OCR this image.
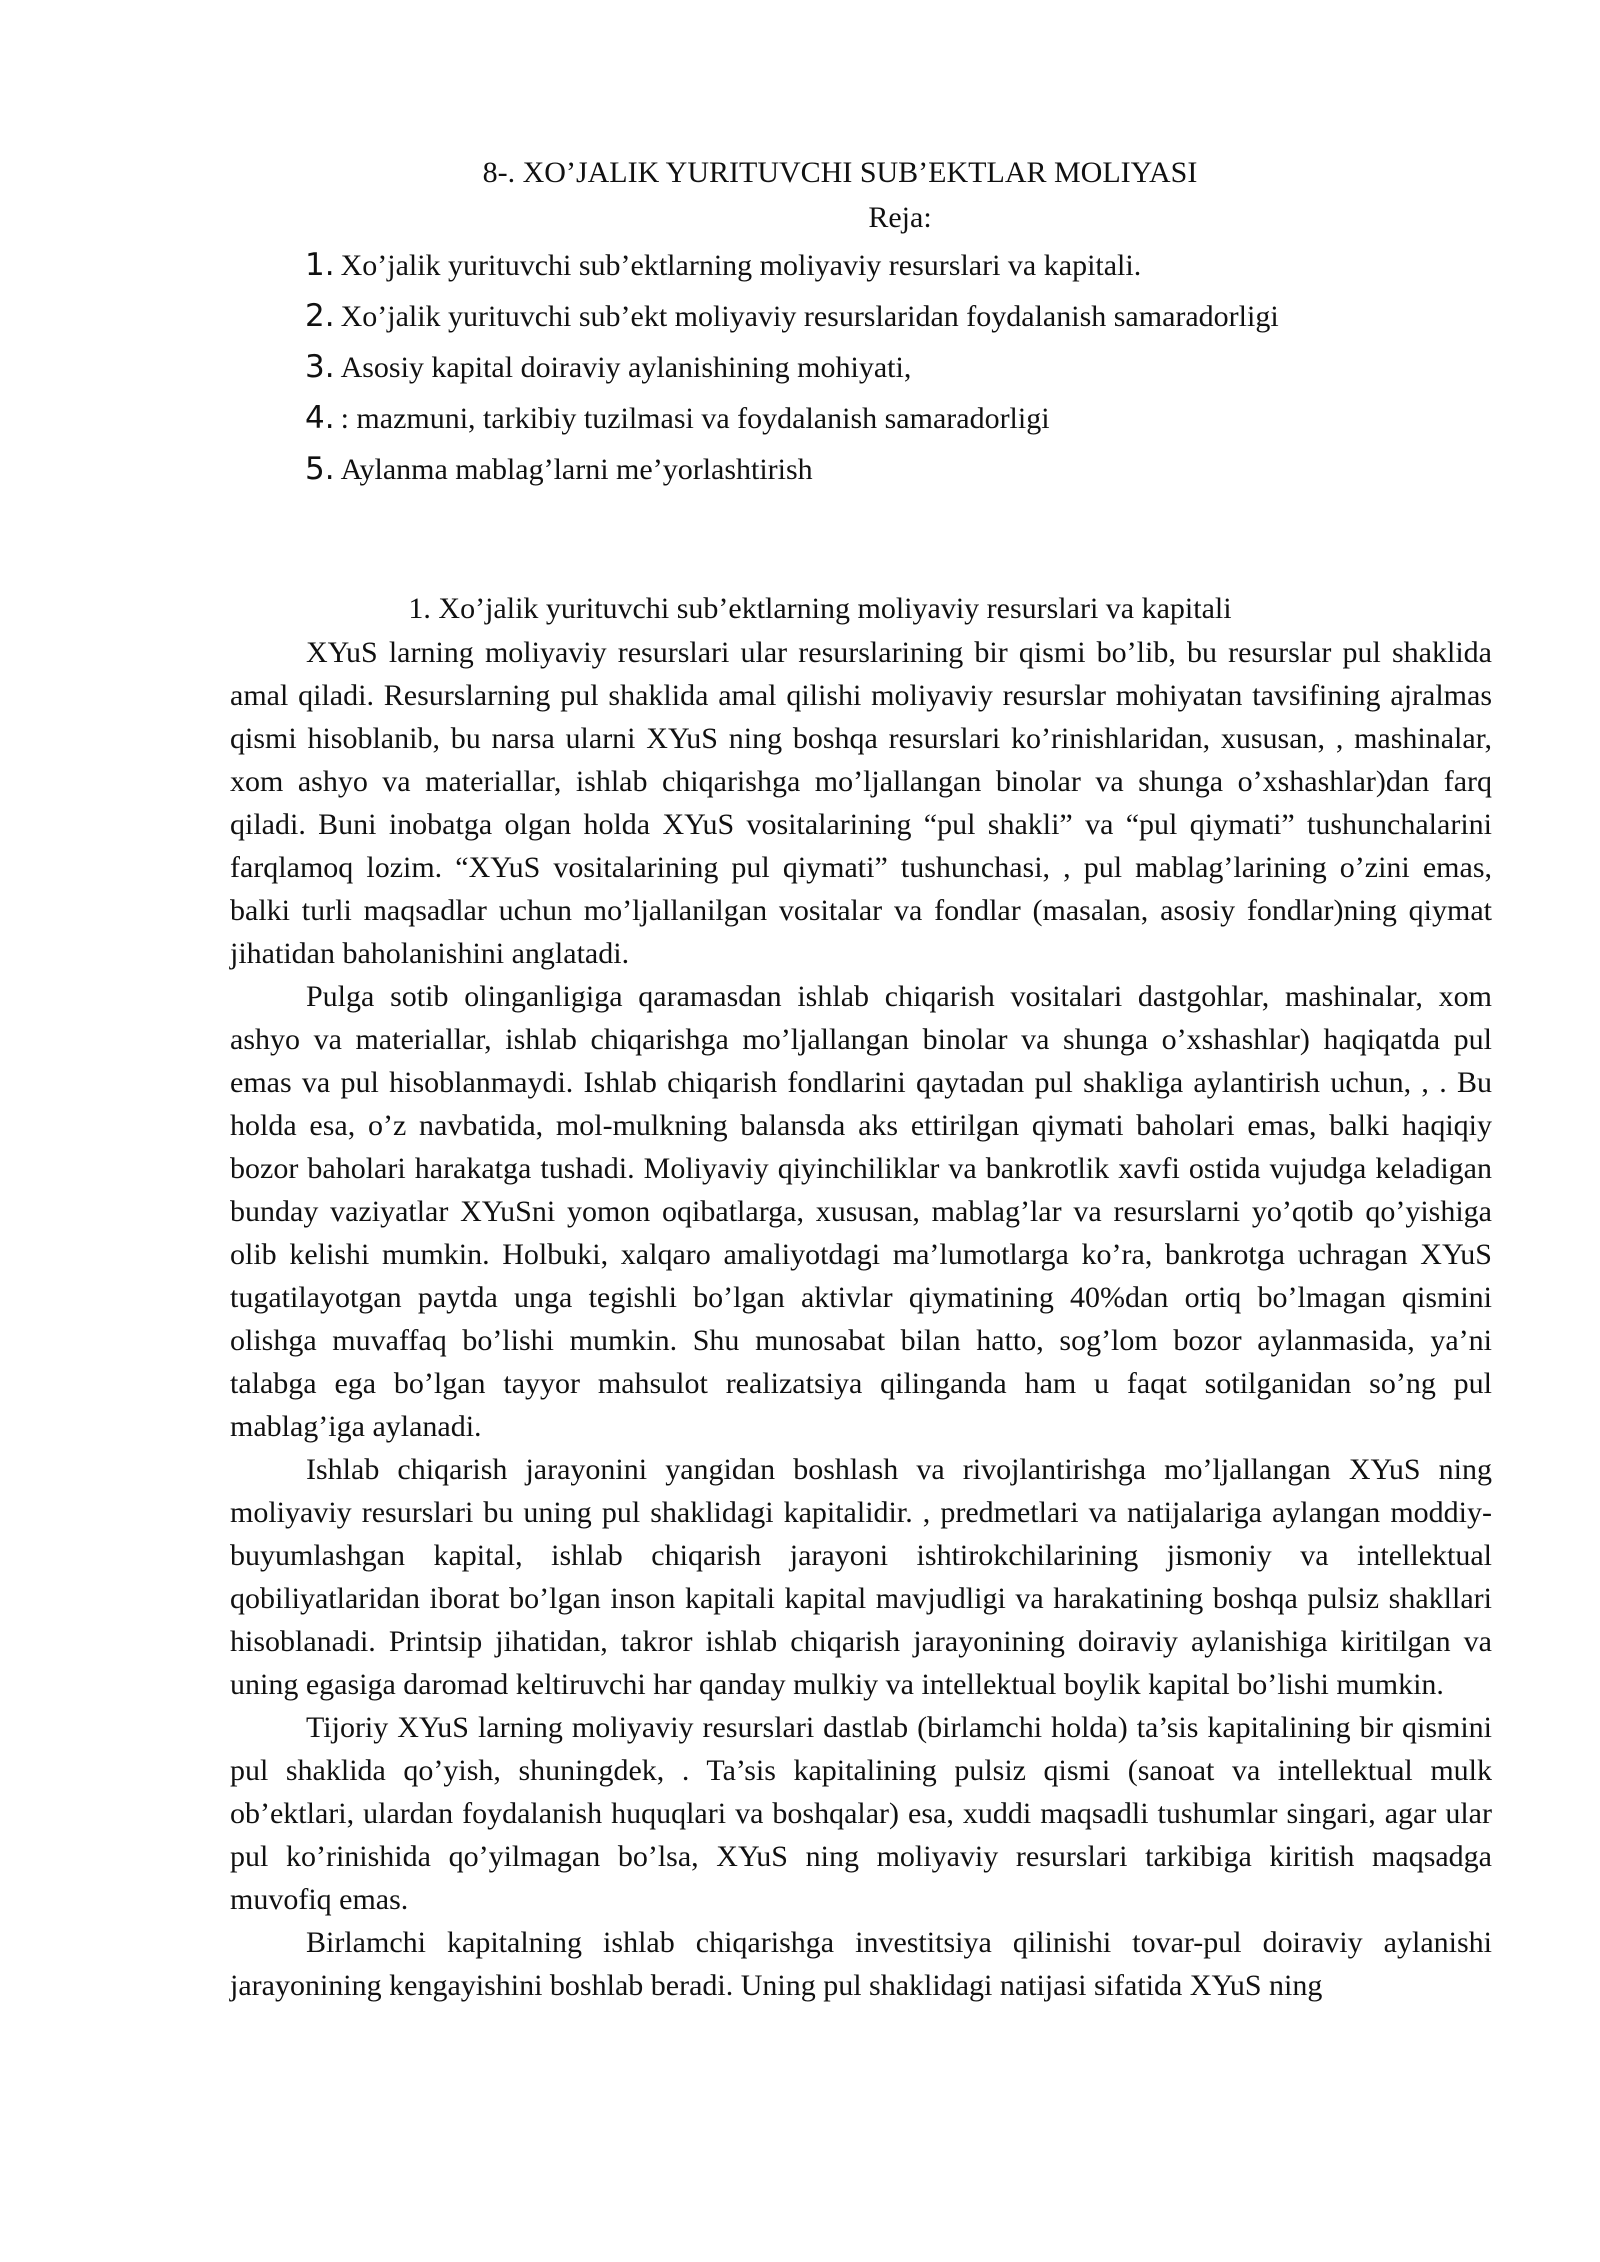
8-. XO’JALIK YURITUVCHI SUB’EKTLAR MOLIYASI
Reja:
1. Xo’jalik yurituvchi sub’ektlarning moliyaviy resurslari va kapitali.
2. Xo’jalik yurituvchi sub’ekt moliyaviy resurslaridan foydalanish samaradorligi
3. Asosiy kapital doiraviy aylanishining mohiyati,
4. : mazmuni, tarkibiy tuzilmasi va foydalanish samaradorligi
5. Aylanma mablag’larni me’yorlashtirish
1. Xo’jalik yurituvchi sub’ektlarning moliyaviy resurslari va kapitali

XYuS larning moliyaviy resurslari ular resurslarining bir qismi bo’lib, bu resurslar pul shaklida amal qiladi. Resurslarning pul shaklida amal qilishi moliyaviy resurslar mohiyatan tavsifining ajralmas qismi hisoblanib, bu narsa ularni XYuS ning boshqa resurslari ko’rinishlaridan, xususan, , mashinalar, xom ashyo va materiallar, ishlab chiqarishga mo’ljallangan binolar va shunga o’xshashlar)dan farq qiladi. Buni inobatga olgan holda XYuS vositalarining “pul shakli” va “pul qiymati” tushunchalarini farqlamoq lozim. “XYuS vositalarining pul qiymati” tushunchasi, , pul mablag’larining o’zini emas, balki turli maqsadlar uchun mo’ljallanilgan vositalar va fondlar (masalan, asosiy fondlar)ning qiymat jihatidan baholanishini anglatadi.

Pulga sotib olinganligiga qaramasdan ishlab chiqarish vositalari dastgohlar, mashinalar, xom ashyo va materiallar, ishlab chiqarishga mo’ljallangan binolar va shunga o’xshashlar) haqiqatda pul emas va pul hisoblanmaydi. Ishlab chiqarish fondlarini qaytadan pul shakliga aylantirish uchun, , . Bu holda esa, o’z navbatida, mol-mulkning balansda aks ettirilgan qiymati baholari emas, balki haqiqiy bozor baholari harakatga tushadi. Moliyaviy qiyinchiliklar va bankrotlik xavfi ostida vujudga keladigan bunday vaziyatlar XYuSni yomon oqibatlarga, xususan, mablag’lar va resurslarni yo’qotib qo’yishiga olib kelishi mumkin. Holbuki, xalqaro amaliyotdagi ma’lumotlarga ko’ra, bankrotga uchragan XYuS tugatilayotgan paytda unga tegishli bo’lgan aktivlar qiymatining 40%dan ortiq bo’lmagan qismini olishga muvaffaq bo’lishi mumkin. Shu munosabat bilan hatto, sog’lom bozor aylanmasida, ya’ni talabga ega bo’lgan tayyor mahsulot realizatsiya qilinganda ham u faqat sotilganidan so’ng pul mablag’iga aylanadi.

Ishlab chiqarish jarayonini yangidan boshlash va rivojlantirishga mo’ljallangan XYuS ning moliyaviy resurslari bu uning pul shaklidagi kapitalidir. , predmetlari va natijalariga aylangan moddiy-buyumlashgan kapital, ishlab chiqarish jarayoni ishtirokchilarining jismoniy va intellektual qobiliyatlaridan iborat bo’lgan inson kapitali kapital mavjudligi va harakatining boshqa pulsiz shakllari hisoblanadi. Printsip jihatidan, takror ishlab chiqarish jarayonining doiraviy aylanishiga kiritilgan va uning egasiga daromad keltiruvchi har qanday mulkiy va intellektual boylik kapital bo’lishi mumkin.

Tijoriy XYuS larning moliyaviy resurslari dastlab (birlamchi holda) ta’sis kapitalining bir qismini pul shaklida qo’yish, shuningdek, . Ta’sis kapitalining pulsiz qismi (sanoat va intellektual mulk ob’ektlari, ulardan foydalanish huquqlari va boshqalar) esa, xuddi maqsadli tushumlar singari, agar ular pul ko’rinishida qo’yilmagan bo’lsa, XYuS ning moliyaviy resurslari tarkibiga kiritish maqsadga muvofiq emas.

Birlamchi kapitalning ishlab chiqarishga investitsiya qilinishi tovar-pul doiraviy aylanishi jarayonining kengayishini boshlab beradi. Uning pul shaklidagi natijasi sifatida XYuS ning
